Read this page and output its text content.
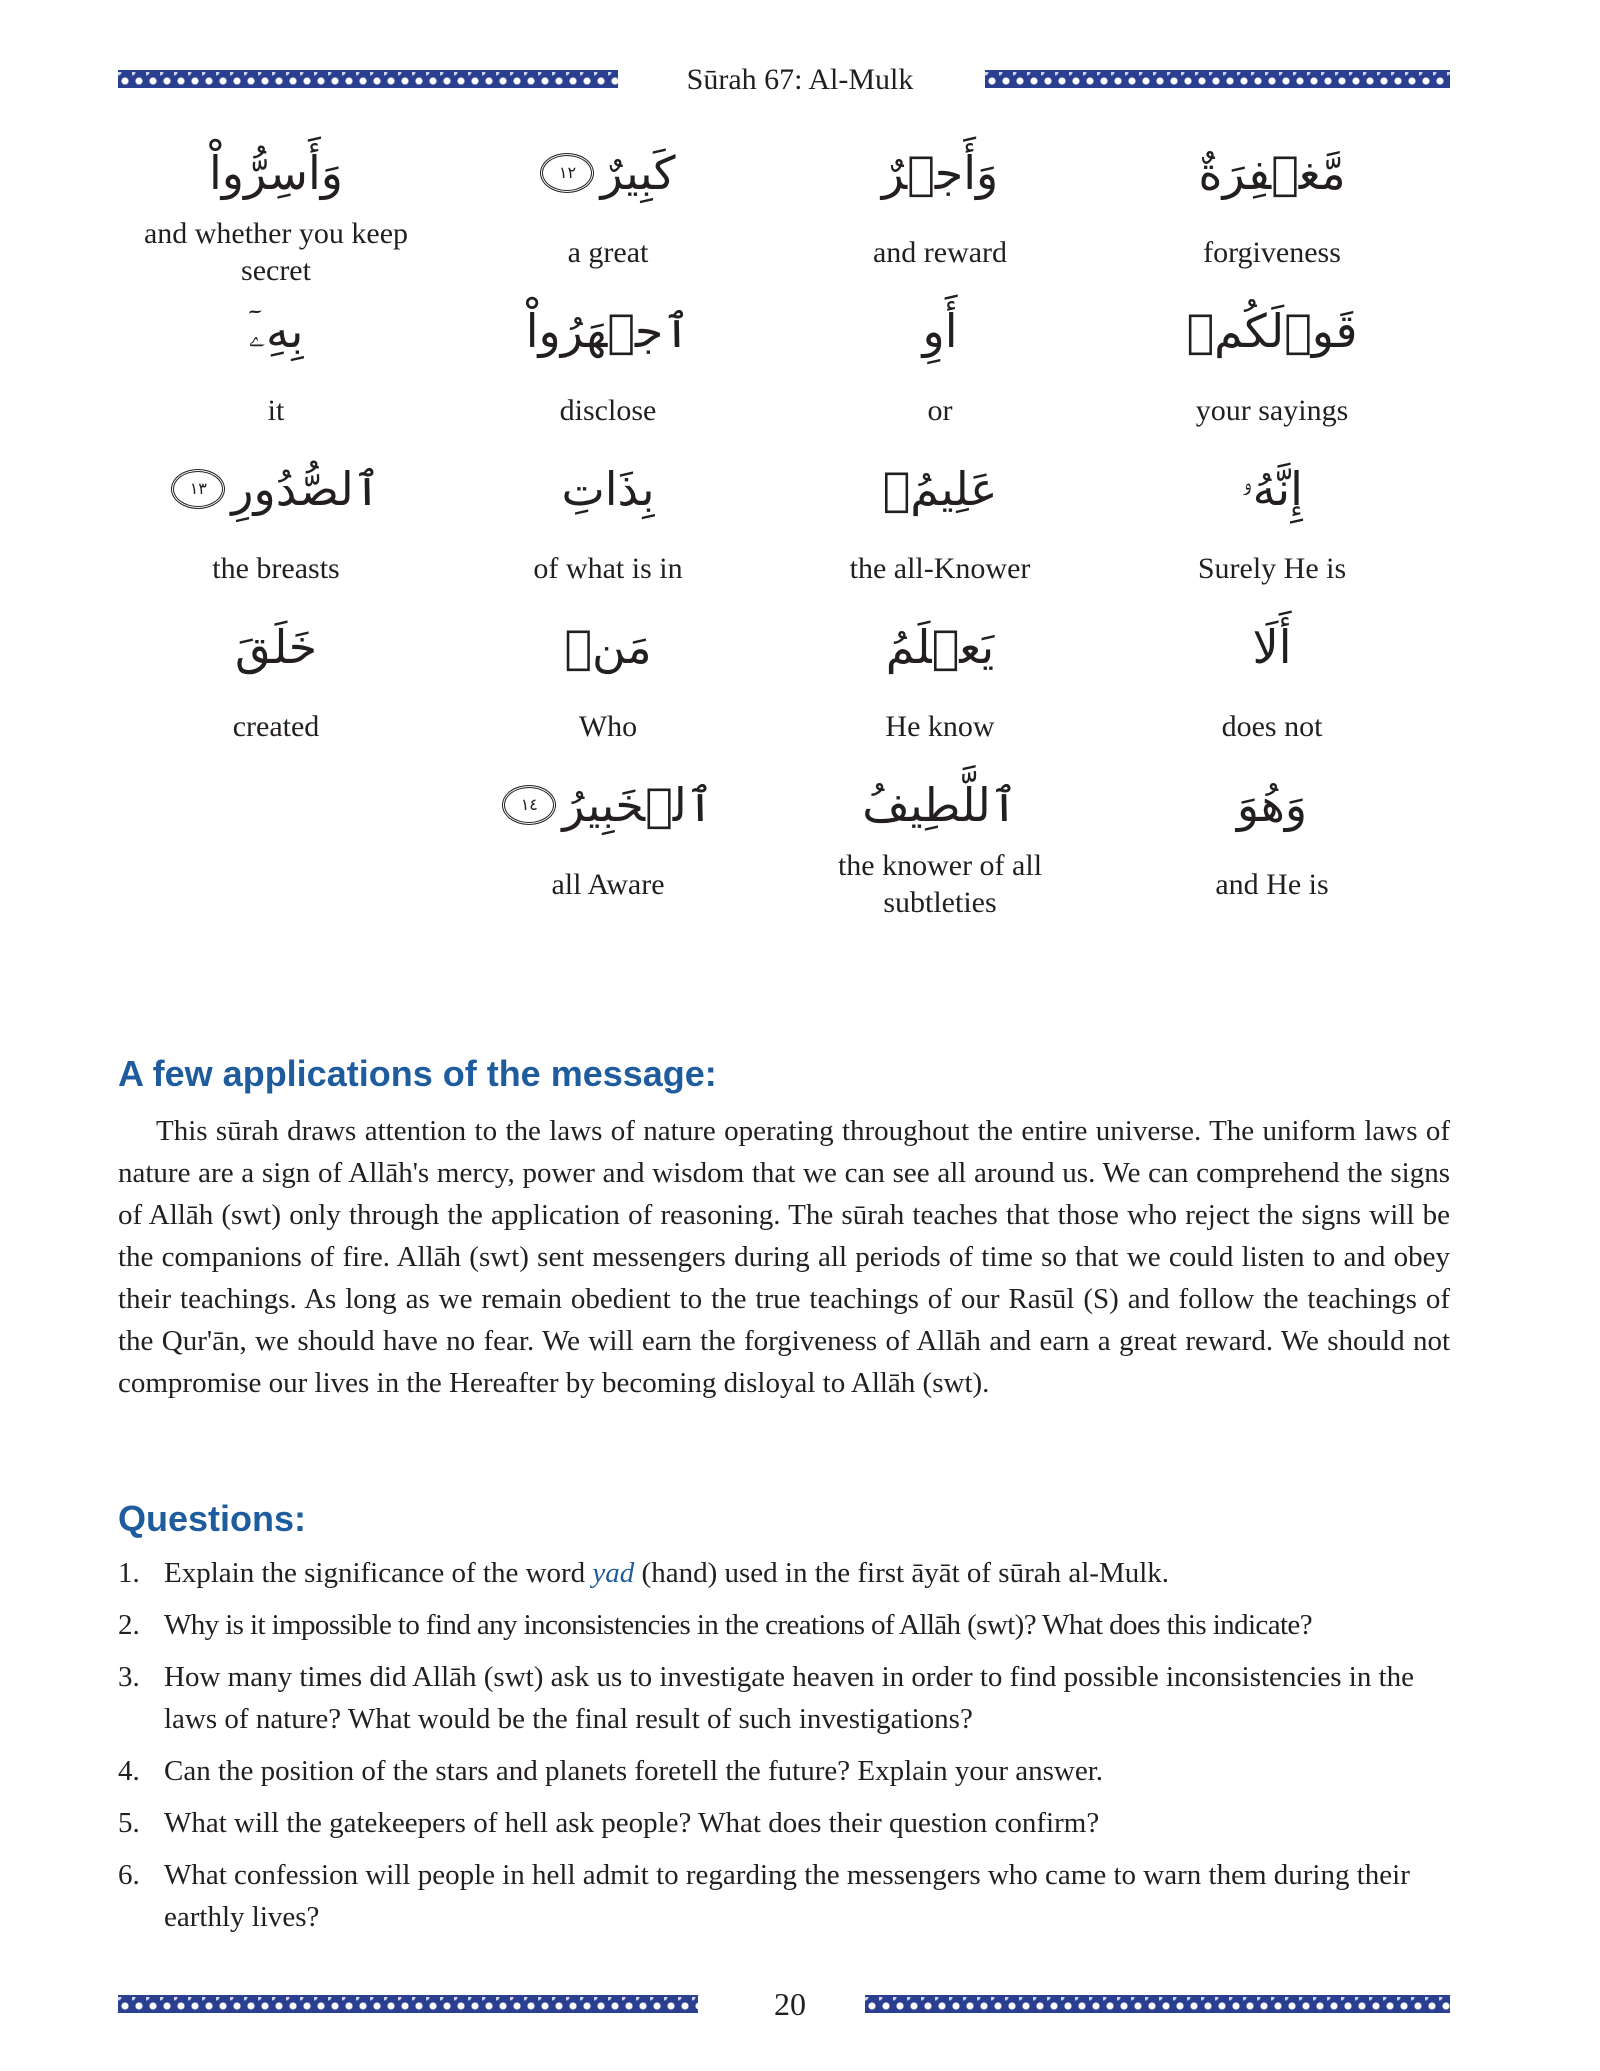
Sūrah 67: Al-Mulk
وَأَسِرُّواْ
and whether you keep secret
كَبِيرٌ
١٢
a great
وَأَجۡرٌ
and reward
مَّغۡفِرَةٌ
forgiveness
بِهِۦٓ
it
ٱجۡهَرُواْ
disclose
أَوِ
or
قَوۡلَكُمۡ
your sayings
ٱلصُّدُورِ
١٣
the breasts
بِذَاتِ
of what is in
عَلِيمُۢ
the all-Knower
إِنَّهُۥ
Surely He is
خَلَقَ
created
مَنۡ
Who
يَعۡلَمُ
He know
أَلَا
does not
ٱلۡخَبِيرُ
١٤
all Aware
ٱللَّطِيفُ
the knower of all subtleties
وَهُوَ
and He is
A few applications of the message:

This sūrah draws attention to the laws of nature operating throughout the entire universe. The uniform laws of nature are a sign of Allāh's mercy, power and wisdom that we can see all around us. We can comprehend the signs of Allāh (swt) only through the application of reasoning. The sūrah teaches that those who reject the signs will be the companions of fire. Allāh (swt) sent messengers during all periods of time so that we could listen to and obey their teachings. As long as we remain obedient to the true teachings of our Rasūl (S) and follow the teachings of the Qur'ān, we should have no fear. We will earn the forgiveness of Allāh and earn a great reward. We should not compromise our lives in the Hereafter by becoming disloyal to Allāh (swt).

Questions:
1. Explain the significance of the word yad (hand) used in the first āyāt of sūrah al-Mulk.
2. Why is it impossible to find any inconsistencies in the creations of Allāh (swt)? What does this indicate?
3. How many times did Allāh (swt) ask us to investigate heaven in order to find possible inconsistencies in the laws of nature? What would be the final result of such investigations?
4. Can the position of the stars and planets foretell the future? Explain your answer.
5. What will the gatekeepers of hell ask people? What does their question confirm?
6. What confession will people in hell admit to regarding the messengers who came to warn them during their earthly lives?
20
